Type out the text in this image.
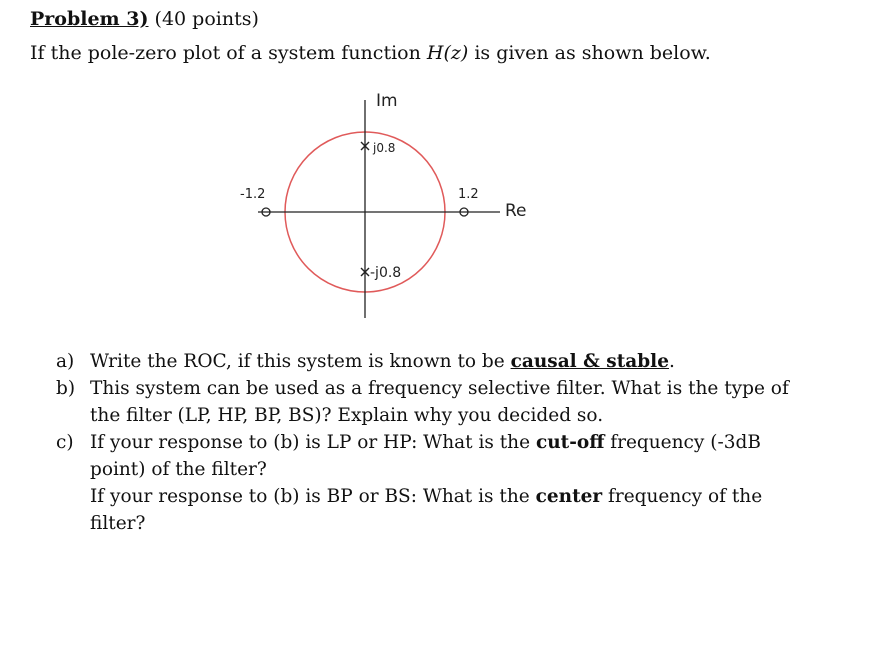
Problem 3) (40 points)
If the pole-zero plot of a system function H(z) is given as shown below.
Im
Re
j0.8
-j0.8
-1.2	1.2
a) Write the ROC, if this system is known to be causal & stable.
b) This system can be used as a frequency selective filter. What is the type of the filter (LP, HP, BP, BS)? Explain why you decided so.
c) If your response to (b) is LP or HP: What is the cut-off frequency (-3dB point) of the filter?
If your response to (b) is BP or BS: What is the center frequency of the filter?
